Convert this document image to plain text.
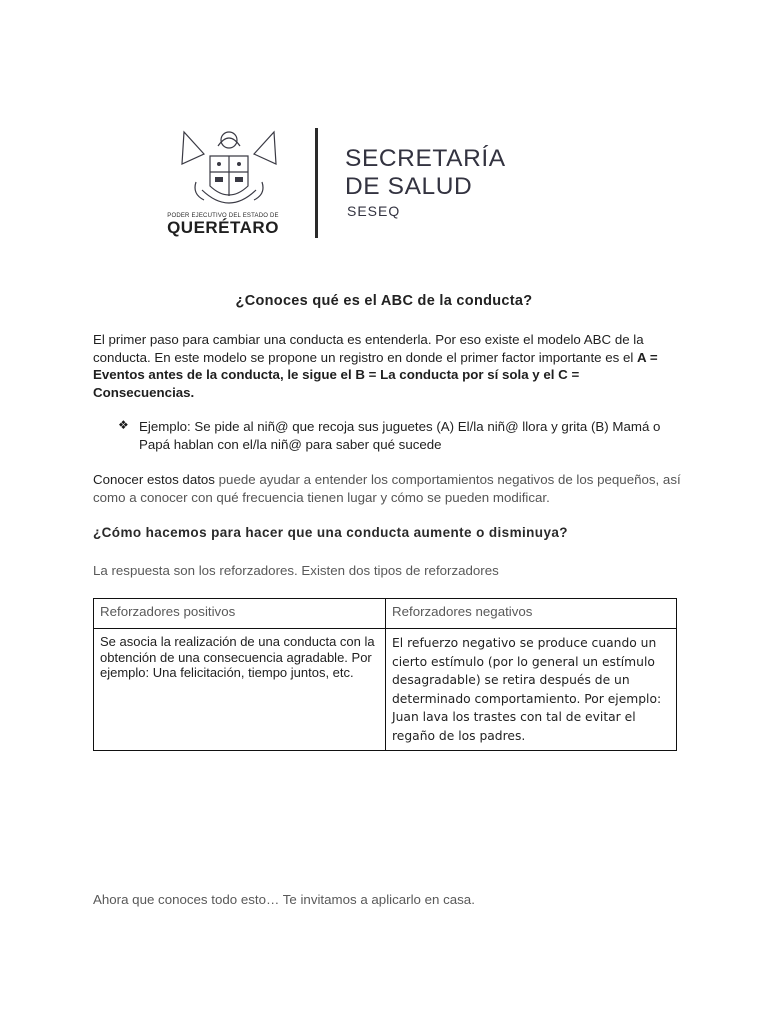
PODER EJECUTIVO DEL ESTADO DE
QUERÉTARO
SECRETARÍA
DE SALUD
SESEQ
¿Conoces qué es el ABC de la conducta?
El primer paso para cambiar una conducta es entenderla. Por eso existe el modelo ABC de la conducta. En este modelo se propone un registro en donde el primer factor importante es el A = Eventos antes de la conducta, le sigue el B = La conducta por sí sola y el C = Consecuencias.
❖ Ejemplo: Se pide al niñ@ que recoja sus juguetes (A) El/la niñ@ llora y grita (B) Mamá o Papá hablan con el/la niñ@ para saber qué sucede
Conocer estos datos puede ayudar a entender los comportamientos negativos de los pequeños, así como a conocer con qué frecuencia tienen lugar y cómo se pueden modificar.
¿Cómo hacemos para hacer que una conducta aumente o disminuya?
La respuesta son los reforzadores. Existen dos tipos de reforzadores
Reforzadores positivos	Reforzadores negativos
Se asocia la realización de una conducta con la obtención de una consecuencia agradable. Por ejemplo: Una felicitación, tiempo juntos, etc.	El refuerzo negativo se produce cuando un cierto estímulo (por lo general un estímulo desagradable) se retira después de un determinado comportamiento. Por ejemplo: Juan lava los trastes con tal de evitar el regaño de los padres.
Ahora que conoces todo esto… Te invitamos a aplicarlo en casa.
